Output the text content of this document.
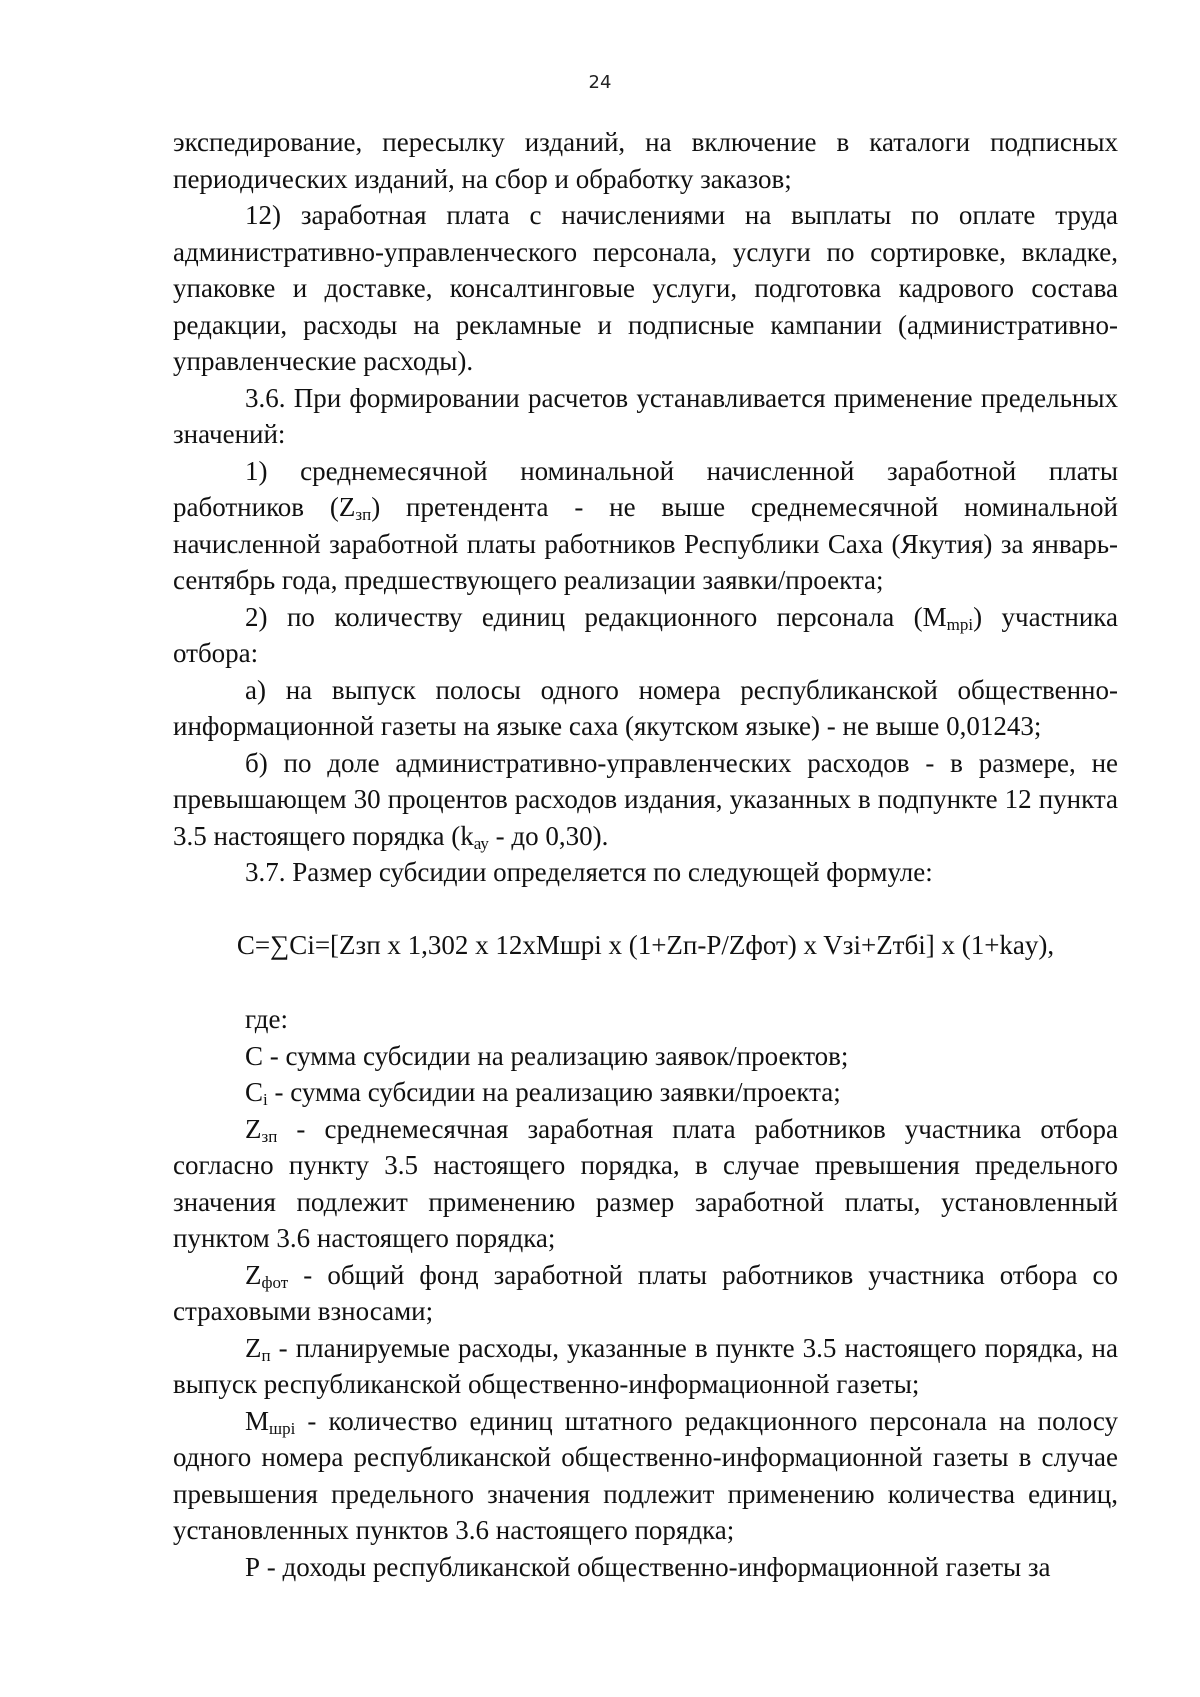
24

экспедирование, пересылку изданий, на включение в каталоги подписных периодических изданий, на сбор и обработку заказов;

12) заработная плата с начислениями на выплаты по оплате труда административно-управленческого персонала, услуги по сортировке, вкладке, упаковке и доставке, консалтинговые услуги, подготовка кадрового состава редакции, расходы на рекламные и подписные кампании (административно-управленческие расходы).

3.6. При формировании расчетов устанавливается применение предельных значений:

1) среднемесячной номинальной начисленной заработной платы работников $(Z_{зп})$ претендента - не выше среднемесячной номинальной начисленной заработной платы работников Республики Саха (Якутия) за январь-сентябрь года, предшествующего реализации заявки/проекта;

2) по количеству единиц редакционного персонала $(M_{mpi})$ участника отбора:

а) на выпуск полосы одного номера республиканской общественно-информационной газеты на языке саха (якутском языке) - не выше 0,01243;

б) по доле административно-управленческих расходов - в размере, не превышающем 30 процентов расходов издания, указанных в подпункте 12 пункта 3.5 настоящего порядка ($k_{ау}$ - до 0,30).

3.7. Размер субсидии определяется по следующей формуле:

C=∑Ci=[Zзп x 1,302 x 12xMшрi x (1+Zп-P/Zфот) x Vзi+Zтбi] x (1+kay),

где:

С - сумма субсидии на реализацию заявок/проектов;

$С_i$ - сумма субсидии на реализацию заявки/проекта;

$Z_{зп}$ - среднемесячная заработная плата работников участника отбора согласно пункту 3.5 настоящего порядка, в случае превышения предельного значения подлежит применению размер заработной платы, установленный пунктом 3.6 настоящего порядка;

$Z_{фот}$ - общий фонд заработной платы работников участника отбора со страховыми взносами;

$Z_п$ - планируемые расходы, указанные в пункте 3.5 настоящего порядка, на выпуск республиканской общественно-информационной газеты;

$М_{шрi}$ - количество единиц штатного редакционного персонала на полосу одного номера республиканской общественно-информационной газеты в случае превышения предельного значения подлежит применению количества единиц, установленных пунктов 3.6 настоящего порядка;

Р - доходы республиканской общественно-информационной газеты за
